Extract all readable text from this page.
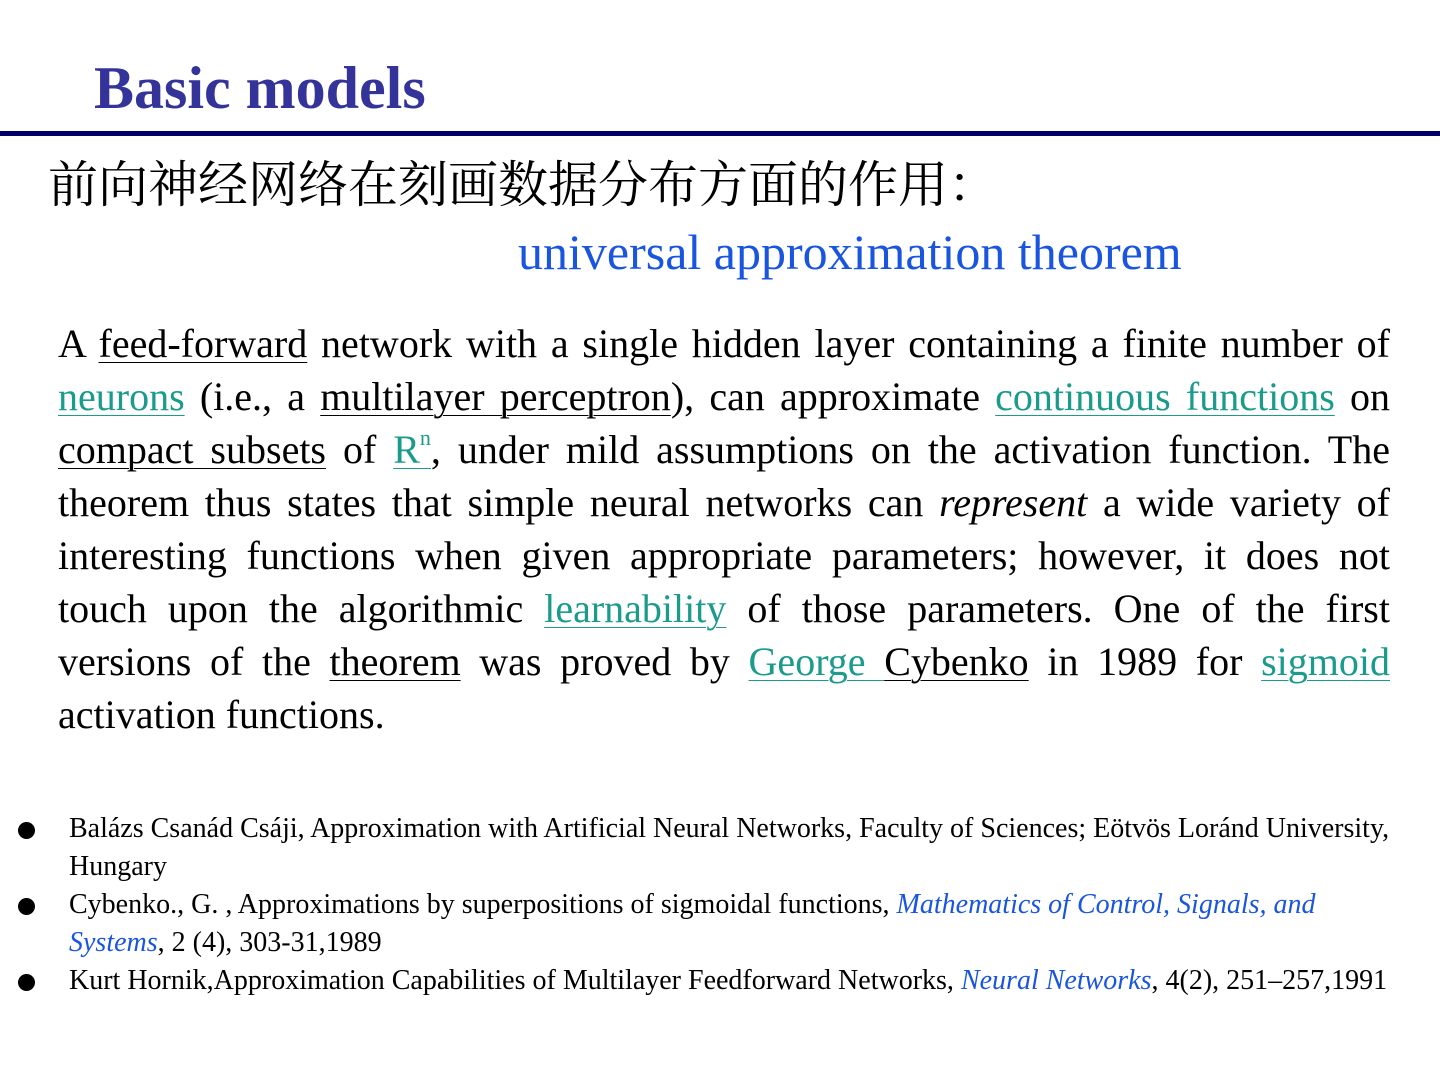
Basic models

前向神经网络在刻画数据分布方面的作用：

universal approximation theorem

A feed-forward network with a single hidden layer containing a finite number of neurons (i.e., a multilayer perceptron), can approximate continuous functions on compact subsets of $R^n$, under mild assumptions on the activation function. The theorem thus states that simple neural networks can represent a wide variety of interesting functions when given appropriate parameters; however, it does not touch upon the algorithmic learnability of those parameters. One of the first versions of the theorem was proved by George Cybenko in 1989 for sigmoid activation functions.

Balázs Csanád Csáji, Approximation with Artificial Neural Networks, Faculty of Sciences; Eötvös Loránd University, Hungary
Cybenko., G. , Approximations by superpositions of sigmoidal functions, Mathematics of Control, Signals, and Systems, 2 (4), 303-31,1989
Kurt Hornik,Approximation Capabilities of Multilayer Feedforward Networks, Neural Networks, 4(2), 251–257,1991
